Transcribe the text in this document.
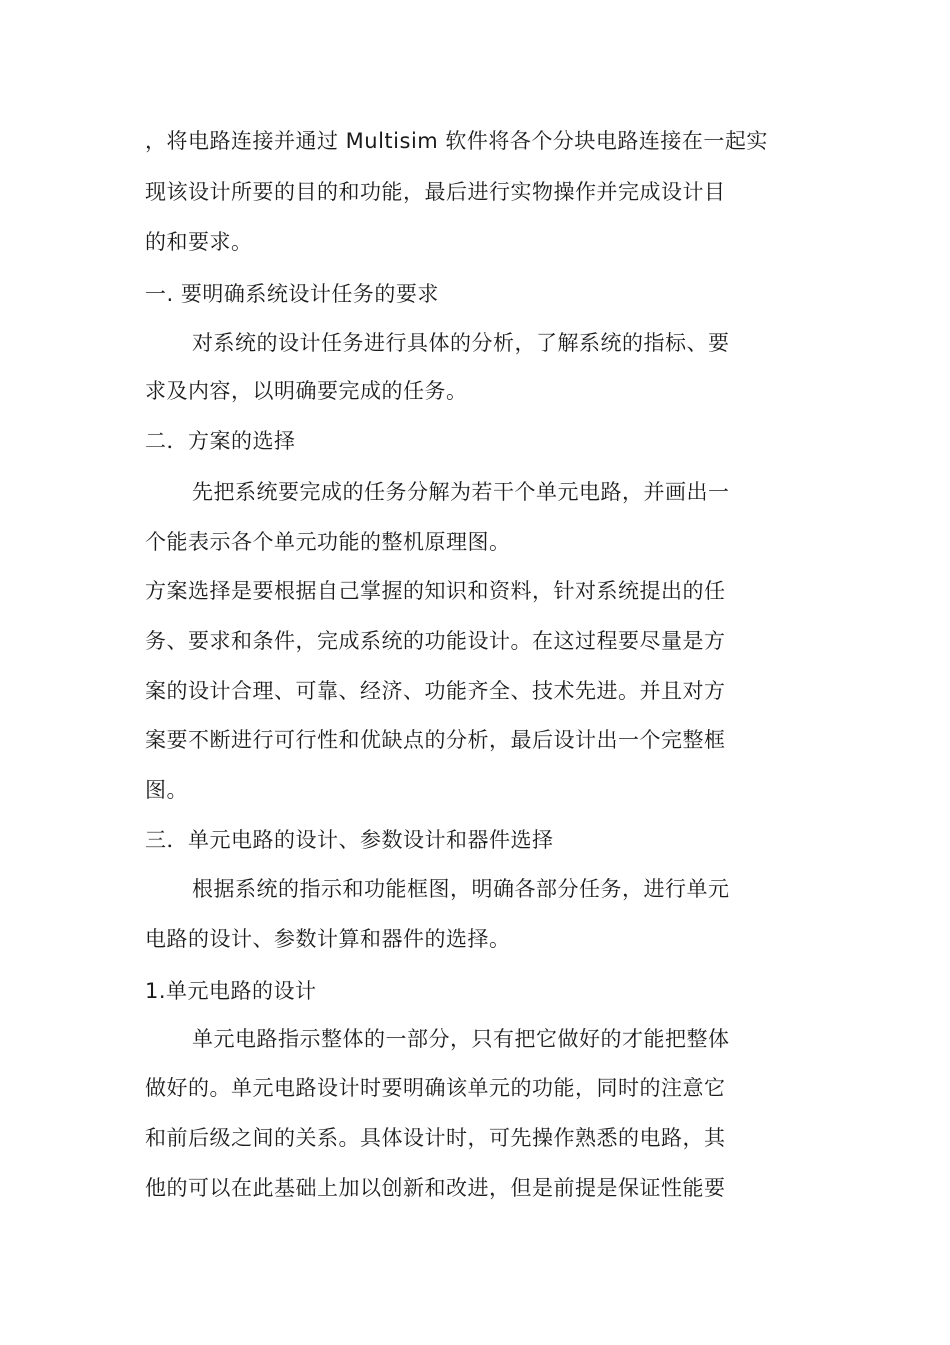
，将电路连接并通过 Multisim 软件将各个分块电路连接在一起实
现该设计所要的目的和功能，最后进行实物操作并完成设计目
的和要求。
一. 要明确系统设计任务的要求
对系统的设计任务进行具体的分析，了解系统的指标、要
求及内容，以明确要完成的任务。
二．方案的选择
先把系统要完成的任务分解为若干个单元电路，并画出一
个能表示各个单元功能的整机原理图。
方案选择是要根据自己掌握的知识和资料，针对系统提出的任
务、要求和条件，完成系统的功能设计。在这过程要尽量是方
案的设计合理、可靠、经济、功能齐全、技术先进。并且对方
案要不断进行可行性和优缺点的分析，最后设计出一个完整框
图。
三．单元电路的设计、参数设计和器件选择
根据系统的指示和功能框图，明确各部分任务，进行单元
电路的设计、参数计算和器件的选择。
1.单元电路的设计
单元电路指示整体的一部分，只有把它做好的才能把整体
做好的。单元电路设计时要明确该单元的功能，同时的注意它
和前后级之间的关系。具体设计时，可先操作熟悉的电路，其
他的可以在此基础上加以创新和改进，但是前提是保证性能要
